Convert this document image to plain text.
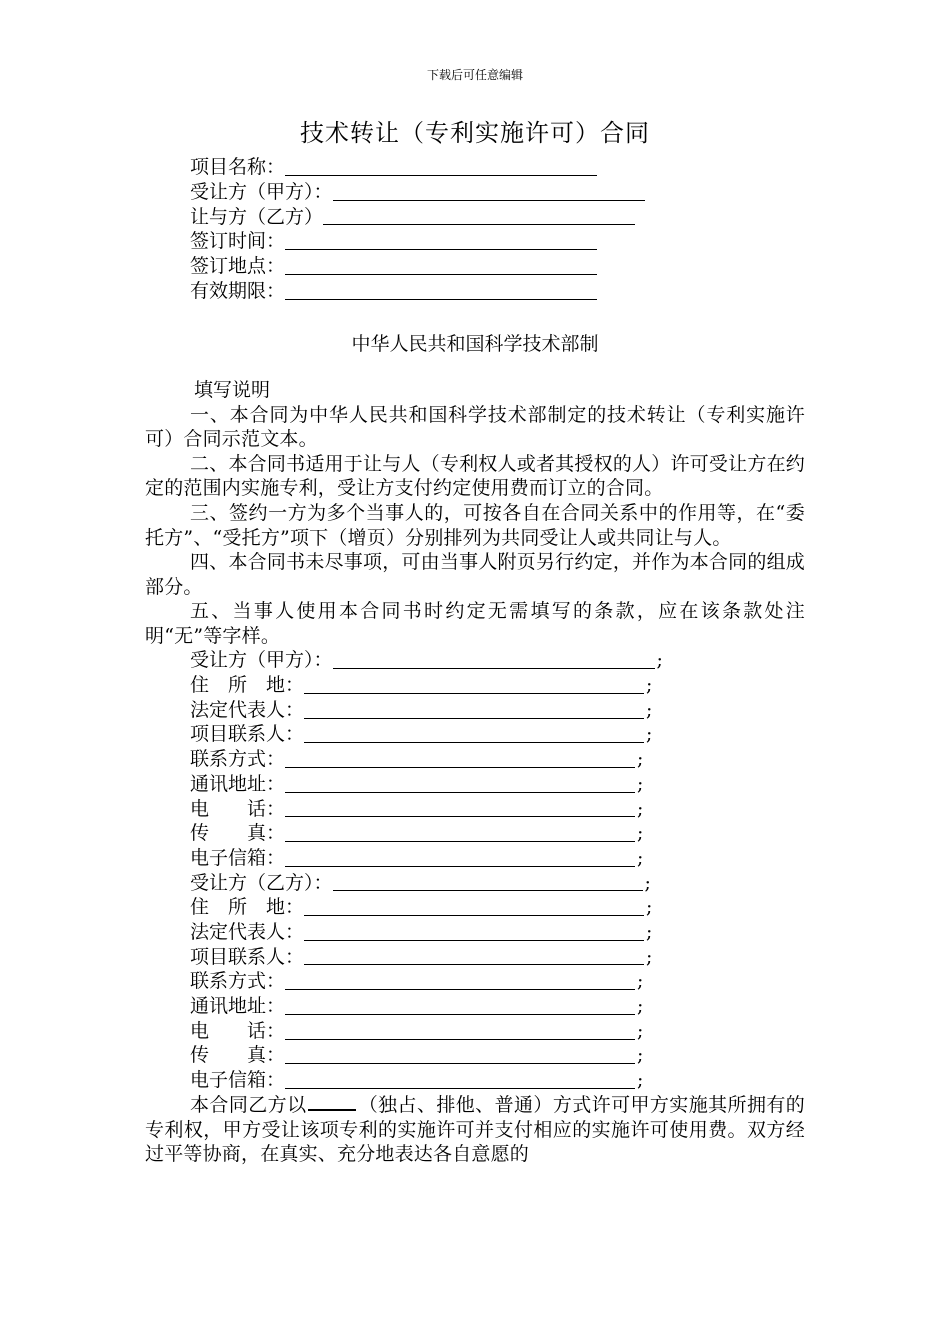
下载后可任意编辑
技术转让（专利实施许可）合同
项目名称：
受让方（甲方）：
让与方（乙方）
签订时间：
签订地点：
有效期限：
中华人民共和国科学技术部制
填写说明
一、本合同为中华人民共和国科学技术部制定的技术转让（专利实施许可）合同示范文本。
二、本合同书适用于让与人（专利权人或者其授权的人）许可受让方在约定的范围内实施专利，受让方支付约定使用费而订立的合同。
三、签约一方为多个当事人的，可按各自在合同关系中的作用等，在“委托方”、“受托方”项下（增页）分别排列为共同受让人或共同让与人。
四、本合同书未尽事项，可由当事人附页另行约定，并作为本合同的组成部分。
五、当事人使用本合同书时约定无需填写的条款，应在该条款处注明“无”等字样。
受让方（甲方）：	;
住　所　地：	;
法定代表人：	;
项目联系人：	;
联系方式：	;
通讯地址：	;
电　　话：	;
传　　真：	;
电子信箱：	;
受让方（乙方）：	;
住　所　地：	;
法定代表人：	;
项目联系人：	;
联系方式：	;
通讯地址：	;
电　　话：	;
传　　真：	;
电子信箱：	;
本合同乙方以	（独占、排他、普通）方式许可甲方实施其所拥有的专利权，甲方受让该项专利的实施许可并支付相应的实施许可使用费。双方经过平等协商，在真实、充分地表达各自意愿的
